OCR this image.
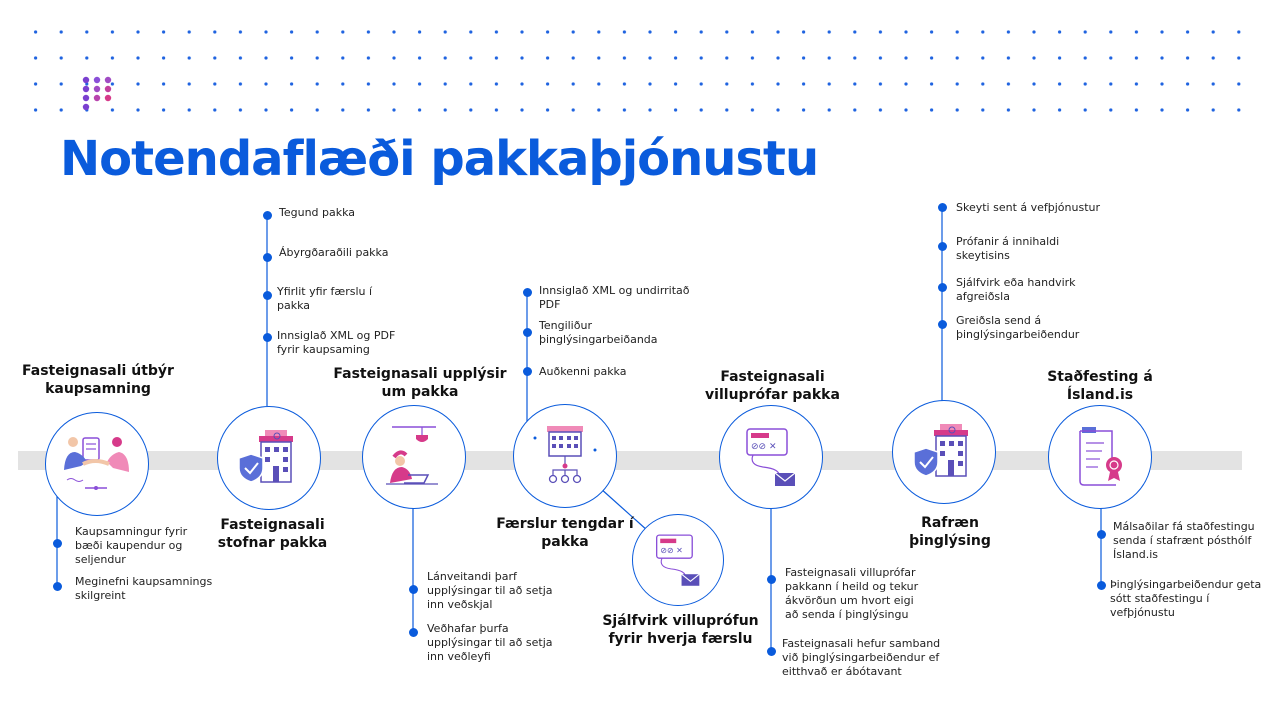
Notendaflæði pakkaþjónustu
Fasteignasali útbýr kaupsamning
Kaupsamningur fyrir bæði kaupendur og seljendur
Meginefni kaupsamnings skilgreint
Tegund pakka
Ábyrgðaraðili pakka
Yfirlit yfir færslu í pakka
Innsiglað XML og PDF fyrir kaupsaming
Fasteignasali stofnar pakka
Fasteignasali upplýsir um pakka
Lánveitandi þarf upplýsingar til að setja inn veðskjal
Veðhafar þurfa upplýsingar til að setja inn veðleyfi
Innsiglað XML og undirritað PDF
Tengiliður þinglýsingarbeiðanda
Auðkenni pakka
Færslur tengdar í pakka
⊘⊘ ✕
Sjálfvirk villuprófun fyrir hverja færslu
Fasteignasali villuprófar pakka
⊘⊘ ✕
Fasteignasali villuprófar pakkann í heild og tekur ákvörðun um hvort eigi að senda í þinglýsingu
Fasteignasali hefur samband við þinglýsingarbeiðendur ef eitthvað er ábótavant
Skeyti sent á vefþjónustur
Prófanir á innihaldi skeytisins
Sjálfvirk eða handvirk afgreiðsla
Greiðsla send á þinglýsingarbeiðendur
Rafræn þinglýsing
Staðfesting á Ísland.is
Málsaðilar fá staðfestingu senda í stafrænt pósthólf Ísland.is
Þinglýsingarbeiðendur geta sótt staðfestingu í vefþjónustu
